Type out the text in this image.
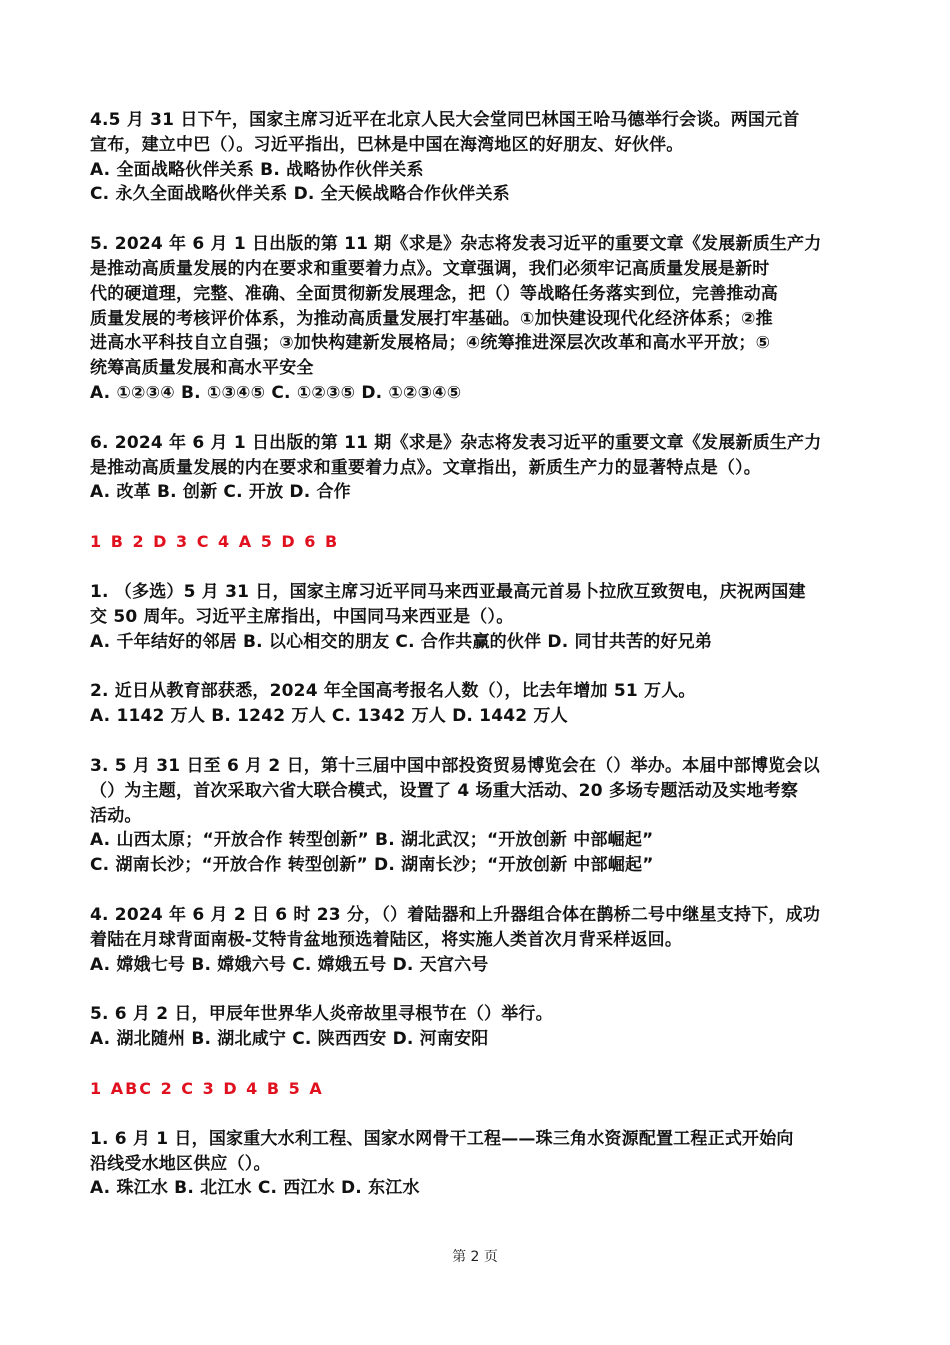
4.5 月 31 日下午，国家主席习近平在北京人民大会堂同巴林国王哈马德举行会谈。两国元首
宣布，建立中巴（）。习近平指出，巴林是中国在海湾地区的好朋友、好伙伴。
A. 全面战略伙伴关系 B. 战略协作伙伴关系
C. 永久全面战略伙伴关系 D. 全天候战略合作伙伴关系
5. 2024 年 6 月 1 日出版的第 11 期《求是》杂志将发表习近平的重要文章《发展新质生产力
是推动高质量发展的内在要求和重要着力点》。文章强调，我们必须牢记高质量发展是新时
代的硬道理，完整、准确、全面贯彻新发展理念，把（）等战略任务落实到位，完善推动高
质量发展的考核评价体系，为推动高质量发展打牢基础。①加快建设现代化经济体系；②推
进高水平科技自立自强；③加快构建新发展格局；④统筹推进深层次改革和高水平开放；⑤
统筹高质量发展和高水平安全
A. ①②③④ B. ①③④⑤ C. ①②③⑤ D. ①②③④⑤
6. 2024 年 6 月 1 日出版的第 11 期《求是》杂志将发表习近平的重要文章《发展新质生产力
是推动高质量发展的内在要求和重要着力点》。文章指出，新质生产力的显著特点是（）。
A. 改革 B. 创新 C. 开放 D. 合作
1 B 2 D 3 C 4 A 5 D 6 B
1. （多选）5 月 31 日，国家主席习近平同马来西亚最高元首易卜拉欣互致贺电，庆祝两国建
交 50 周年。习近平主席指出，中国同马来西亚是（）。
A. 千年结好的邻居 B. 以心相交的朋友 C. 合作共赢的伙伴 D. 同甘共苦的好兄弟
2. 近日从教育部获悉，2024 年全国高考报名人数（），比去年增加 51 万人。
A. 1142 万人 B. 1242 万人 C. 1342 万人 D. 1442 万人
3. 5 月 31 日至 6 月 2 日，第十三届中国中部投资贸易博览会在（）举办。本届中部博览会以
（）为主题，首次采取六省大联合模式，设置了 4 场重大活动、20 多场专题活动及实地考察
活动。
A. 山西太原；“开放合作 转型创新” B. 湖北武汉；“开放创新 中部崛起”
C. 湖南长沙；“开放合作 转型创新” D. 湖南长沙；“开放创新 中部崛起”
4. 2024 年 6 月 2 日 6 时 23 分，（）着陆器和上升器组合体在鹊桥二号中继星支持下，成功
着陆在月球背面南极-艾特肯盆地预选着陆区，将实施人类首次月背采样返回。
A. 嫦娥七号 B. 嫦娥六号 C. 嫦娥五号 D. 天宫六号
5. 6 月 2 日，甲辰年世界华人炎帝故里寻根节在（）举行。
A. 湖北随州 B. 湖北咸宁 C. 陕西西安 D. 河南安阳
1 ABC 2 C 3 D 4 B 5 A
1. 6 月 1 日，国家重大水利工程、国家水网骨干工程——珠三角水资源配置工程正式开始向
沿线受水地区供应（）。
A. 珠江水 B. 北江水 C. 西江水 D. 东江水
第 2 页
